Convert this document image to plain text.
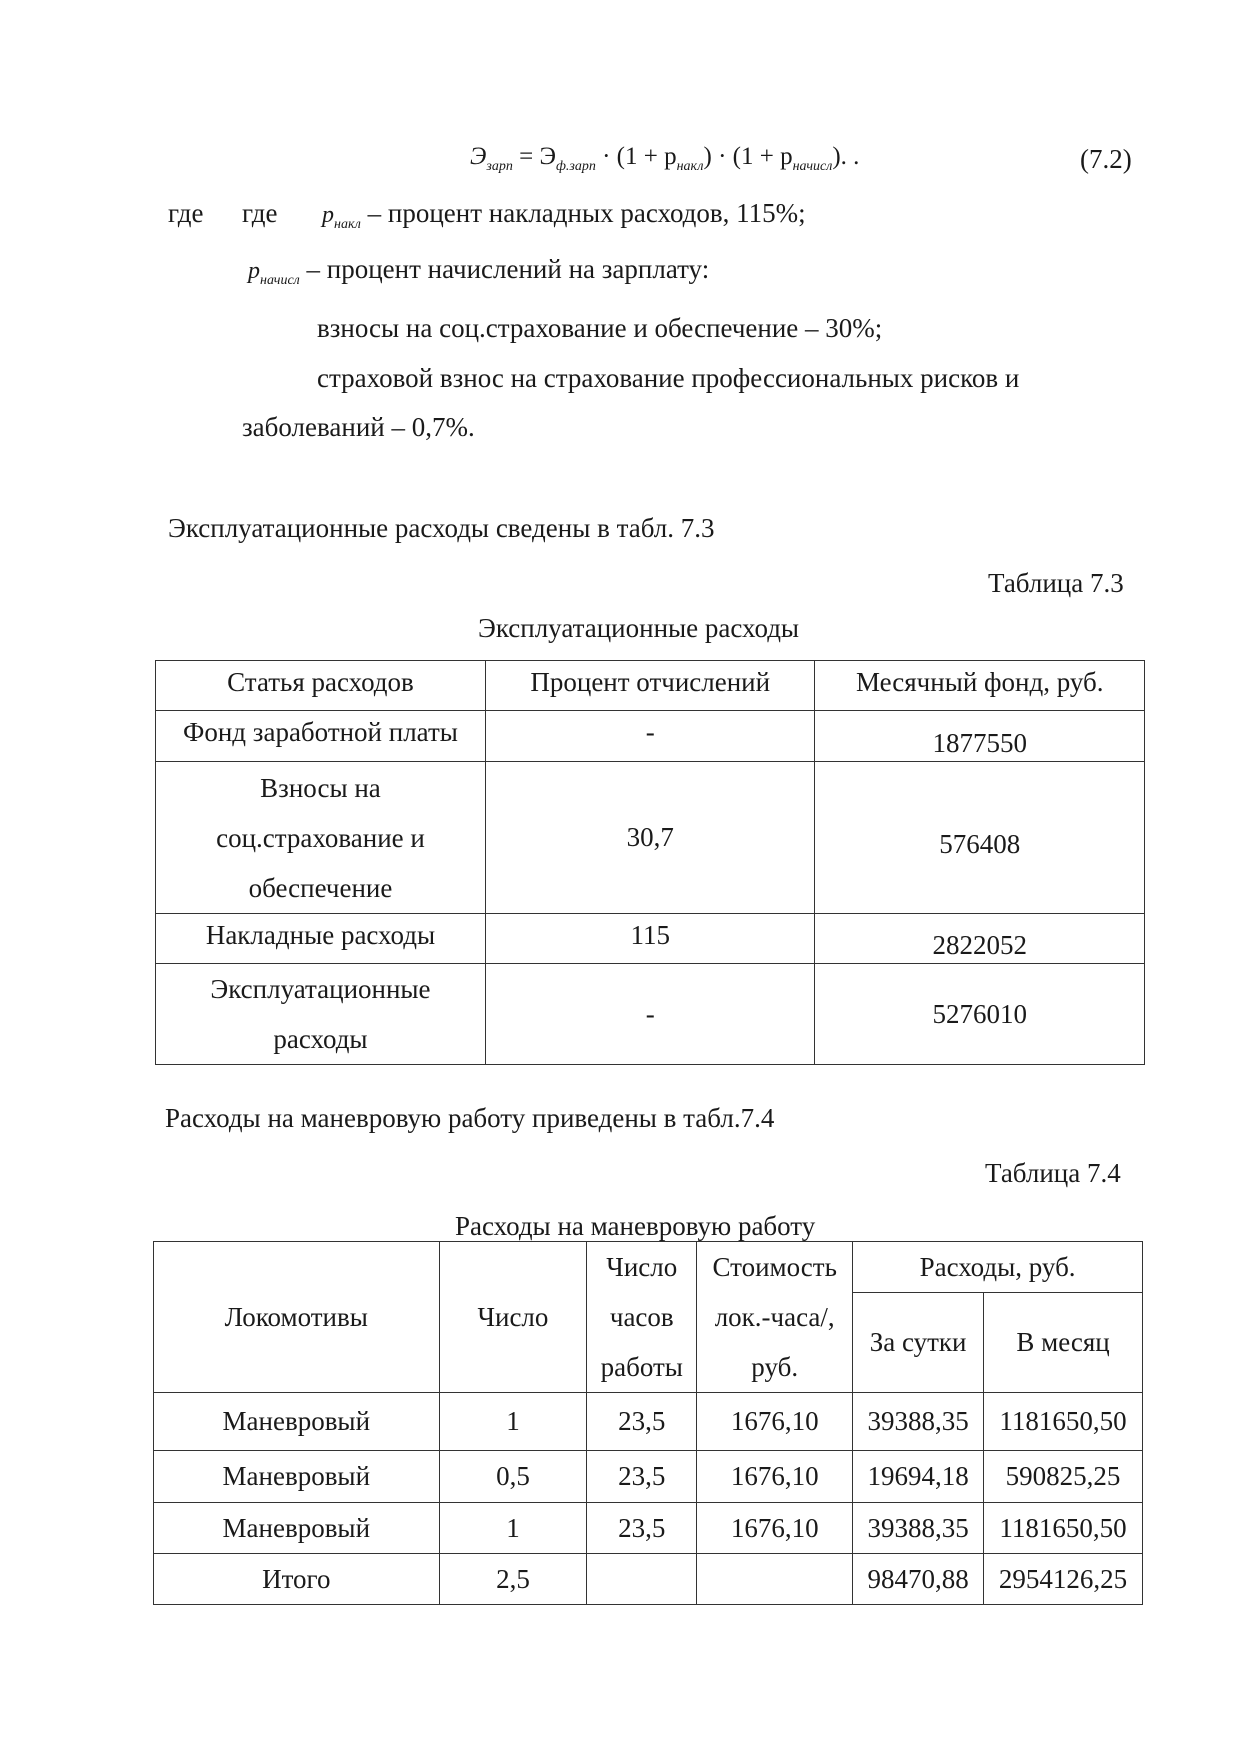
$Э_{зарп} = Э_{ф.зарп} \cdot (1 + p_{накл}) \cdot (1 + p_{начисл})$. .	(7.2)
где где $p_{накл}$ – процент накладных расходов, 115%;
$p_{начисл}$ – процент начислений на зарплату:
взносы на соц.страхование и обеспечение – 30%;
страховой взнос на страхование профессиональных рисков и
заболеваний – 0,7%.
Эксплуатационные расходы сведены в табл. 7.3
Таблица 7.3
Эксплуатационные расходы
Статья расходов	Процент отчислений	Месячный фонд, руб.
Фонд заработной платы	-	1877550
Взносы на соц.страхование и обеспечение	30,7	576408
Накладные расходы	115	2822052
Эксплуатационные расходы	-	5276010
Расходы на маневровую работу приведены в табл.7.4
Таблица 7.4
Расходы на маневровую работу
Локомотивы	Число	Число часов работы	Стоимость лок.-часа/, руб.	Расходы, руб.	
				За сутки	В месяц
Маневровый	1	23,5	1676,10	39388,35	1181650,50
Маневровый	0,5	23,5	1676,10	19694,18	590825,25
Маневровый	1	23,5	1676,10	39388,35	1181650,50
Итого	2,5			98470,88	2954126,25
